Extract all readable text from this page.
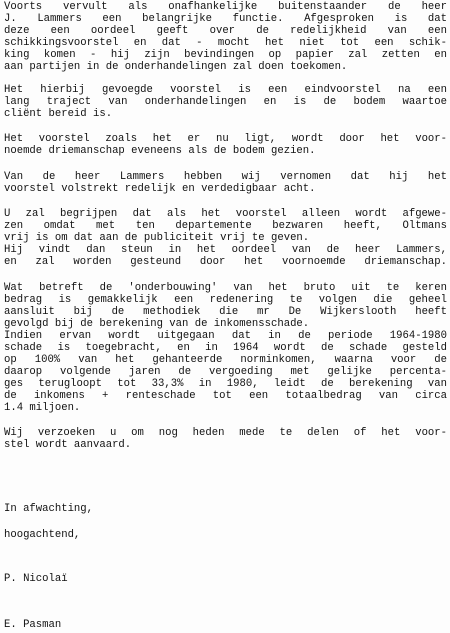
Voorts vervult als onafhankelijke buitenstaander de heer
J. Lammers een belangrijke functie. Afgesproken is dat
deze een oordeel geeft over de redelijkheid van een
schikkingsvoorstel en dat - mocht het niet tot een schik-
king komen - hij zijn bevindingen op papier zal zetten en
aan partijen in de onderhandelingen zal doen toekomen.
Het hierbij gevoegde voorstel is een eindvoorstel na een
lang traject van onderhandelingen en is de bodem waartoe
cliënt bereid is.
Het voorstel zoals het er nu ligt, wordt door het voor-
noemde driemanschap eveneens als de bodem gezien.
Van de heer Lammers hebben wij vernomen dat hij het
voorstel volstrekt redelijk en verdedigbaar acht.
U zal begrijpen dat als het voorstel alleen wordt afgewe-
zen omdat met ten departemente bezwaren heeft, Oltmans
vrij is om dat aan de publiciteit vrij te geven.
Hij vindt dan steun in het oordeel van de heer Lammers,
en zal worden gesteund door het voornoemde driemanschap.
Wat betreft de 'onderbouwing' van het bruto uit te keren
bedrag is gemakkelijk een redenering te volgen die geheel
aansluit bij de methodiek die mr De Wijkerslooth heeft
gevolgd bij de berekening van de inkomensschade.
Indien ervan wordt uitgegaan dat in de periode 1964-1980
schade is toegebracht, en in 1964 wordt de schade gesteld
op 100% van het gehanteerde norminkomen, waarna voor de
daarop volgende jaren de vergoeding met gelijke percenta-
ges terugloopt tot 33,3% in 1980, leidt de berekening van
de inkomens + renteschade tot een totaalbedrag van circa
1.4 miljoen.
Wij verzoeken u om nog heden mede te delen of het voor-
stel wordt aanvaard.
In afwachting,
hoogachtend,
P. Nicolaï
E. Pasman
